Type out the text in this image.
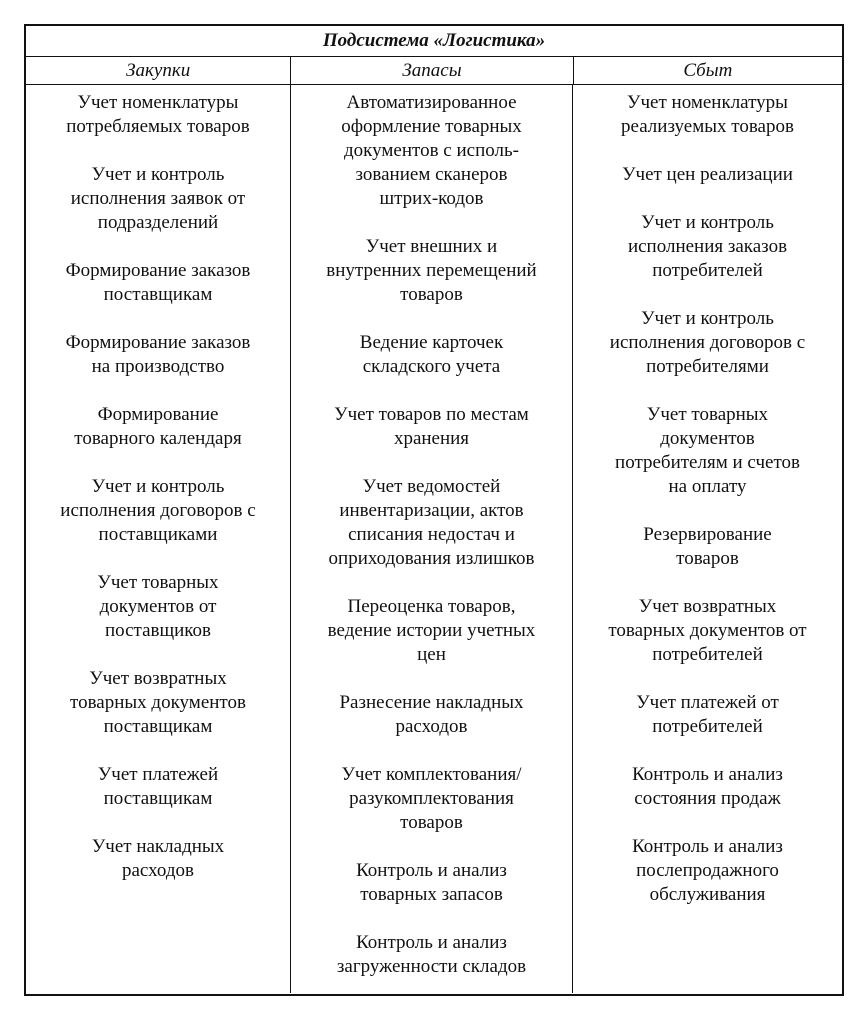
Подсистема «Логистика»
Закупки	Запасы	Сбыт
Учет номенклатуры
потребляемых товаров
Учет и контроль
исполнения заявок от
подразделений
Формирование заказов
поставщикам
Формирование заказов
на производство
Формирование
товарного календаря
Учет и контроль
исполнения договоров с
поставщиками
Учет товарных
документов от
поставщиков
Учет возвратных
товарных документов
поставщикам
Учет платежей
поставщикам
Учет накладных
расходов
Автоматизированное
оформление товарных
документов с исполь-
зованием сканеров
штрих-кодов
Учет внешних и
внутренних перемещений
товаров
Ведение карточек
складского учета
Учет товаров по местам
хранения
Учет ведомостей
инвентаризации, актов
списания недостач и
оприходования излишков
Переоценка товаров,
ведение истории учетных
цен
Разнесение накладных
расходов
Учет комплектования/
разукомплектования
товаров
Контроль и анализ
товарных запасов
Контроль и анализ
загруженности складов
Учет номенклатуры
реализуемых товаров
Учет цен реализации
Учет и контроль
исполнения заказов
потребителей
Учет и контроль
исполнения договоров с
потребителями
Учет товарных
документов
потребителям и счетов
на оплату
Резервирование
товаров
Учет возвратных
товарных документов от
потребителей
Учет платежей от
потребителей
Контроль и анализ
состояния продаж
Контроль и анализ
послепродажного
обслуживания
